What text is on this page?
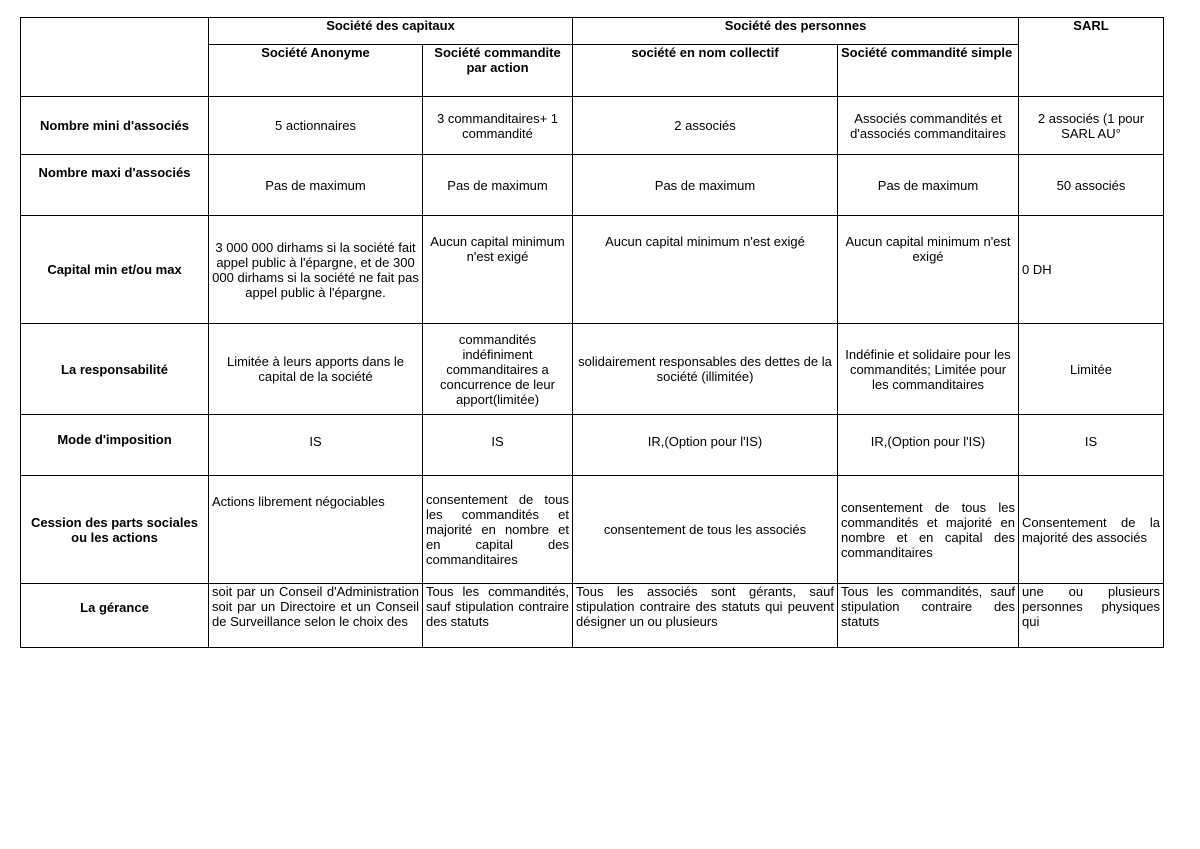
	Société des capitaux		Société des personnes		SARL
	Société Anonyme	Société commandite par action	société en nom collectif	Société commandité simple	
Nombre mini d'associés	5 actionnaires	3 commanditaires+ 1 commandité	2 associés	Associés commandités et d'associés commanditaires	2 associés (1 pour SARL AU°
Nombre maxi d'associés	Pas de maximum	Pas de maximum	Pas de maximum	Pas de maximum	50 associés
Capital min et/ou max	3 000 000 dirhams si la société fait appel public à l'épargne, et de 300 000 dirhams si la société ne fait pas appel public à l'épargne.	Aucun capital minimum n'est exigé	Aucun capital minimum n'est exigé	Aucun capital minimum n'est exigé	0 DH
La responsabilité	Limitée à leurs apports dans le capital de la société	commandités indéfiniment commanditaires a concurrence de leur apport(limitée)	solidairement responsables des dettes de la société (illimitée)	Indéfinie et solidaire pour les commandités; Limitée pour les commanditaires	Limitée
Mode d'imposition	IS	IS	IR,(Option pour l'IS)	IR,(Option pour l'IS)	IS
Cession des parts sociales ou les actions	Actions librement négociables	consentement de tous les commandités et majorité en nombre et en capital des commanditaires	consentement de tous les associés	consentement de tous les commandités et majorité en nombre et en capital des commanditaires	Consentement de la majorité des associés
La gérance	soit par un Conseil d'Administration soit par un Directoire et un Conseil de Surveillance selon le choix des	Tous les commandités, sauf stipulation contraire des statuts	Tous les associés sont gérants, sauf stipulation contraire des statuts qui peuvent désigner un ou plusieurs	Tous les commandités, sauf stipulation contraire des statuts	une ou plusieurs personnes physiques qui
